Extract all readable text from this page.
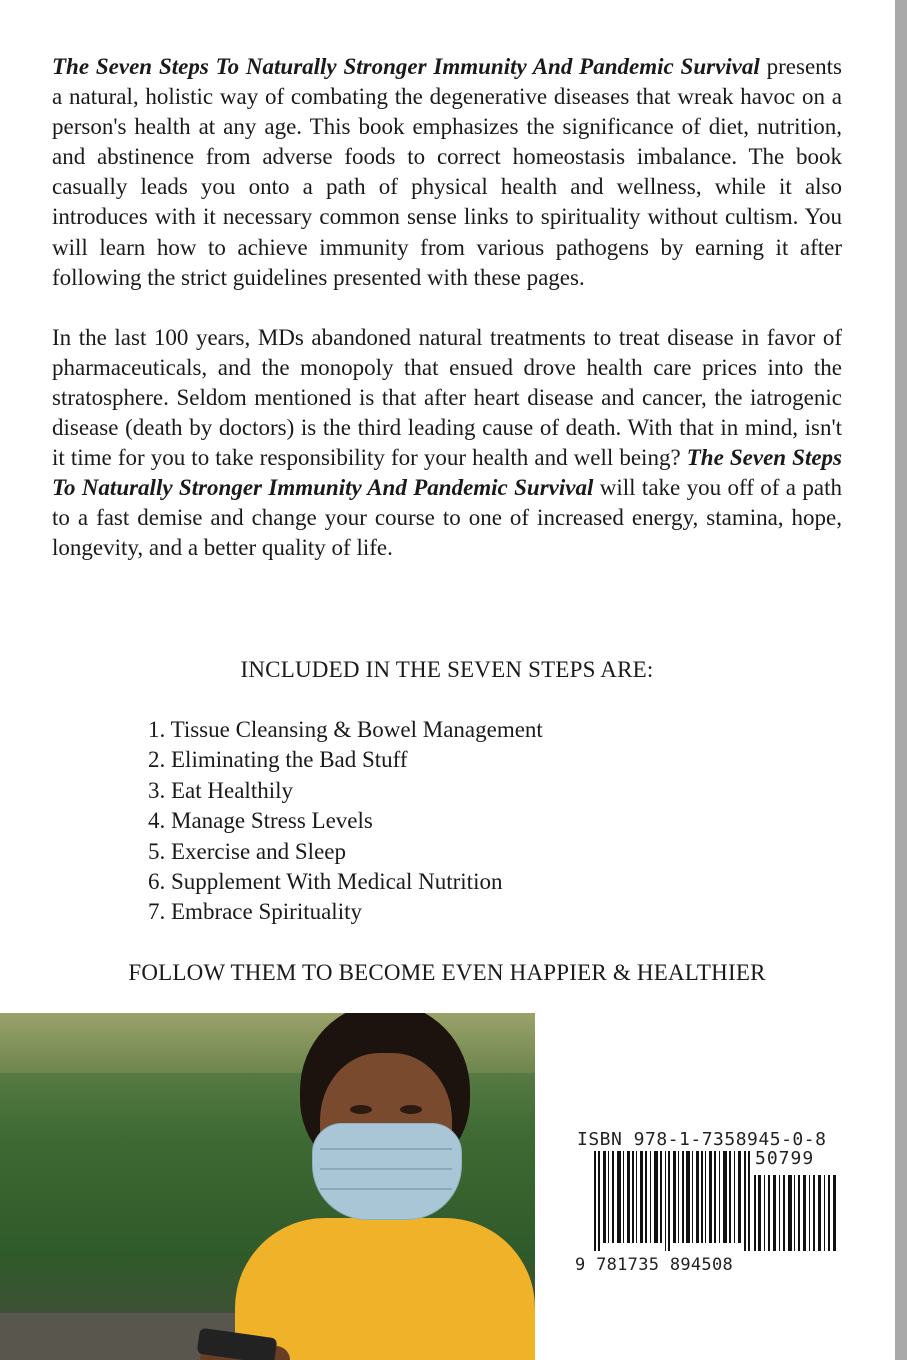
The Seven Steps To Naturally Stronger Immunity And Pandemic Survival presents a natural, holistic way of combating the degenerative diseases that wreak havoc on a person's health at any age. This book emphasizes the significance of diet, nutrition, and abstinence from adverse foods to correct homeostasis imbalance. The book casually leads you onto a path of physical health and wellness, while it also introduces with it necessary common sense links to spirituality without cultism. You will learn how to achieve immunity from various pathogens by earning it after following the strict guidelines presented with these pages.

In the last 100 years, MDs abandoned natural treatments to treat disease in favor of pharmaceuticals, and the monopoly that ensued drove health care prices into the stratosphere. Seldom mentioned is that after heart disease and cancer, the iatrogenic disease (death by doctors) is the third leading cause of death. With that in mind, isn't it time for you to take responsibility for your health and well being? The Seven Steps To Naturally Stronger Immunity And Pandemic Survival will take you off of a path to a fast demise and change your course to one of increased energy, stamina, hope, longevity, and a better quality of life.

INCLUDED IN THE SEVEN STEPS ARE:
1. Tissue Cleansing & Bowel Management
2. Eliminating the Bad Stuff
3. Eat Healthily
4. Manage Stress Levels
5. Exercise and Sleep
6. Supplement With Medical Nutrition
7. Embrace Spirituality
FOLLOW THEM TO BECOME EVEN HAPPIER & HEALTHIER
ISBN 978-1-7358945-0-8
50799
9 781735 894508
